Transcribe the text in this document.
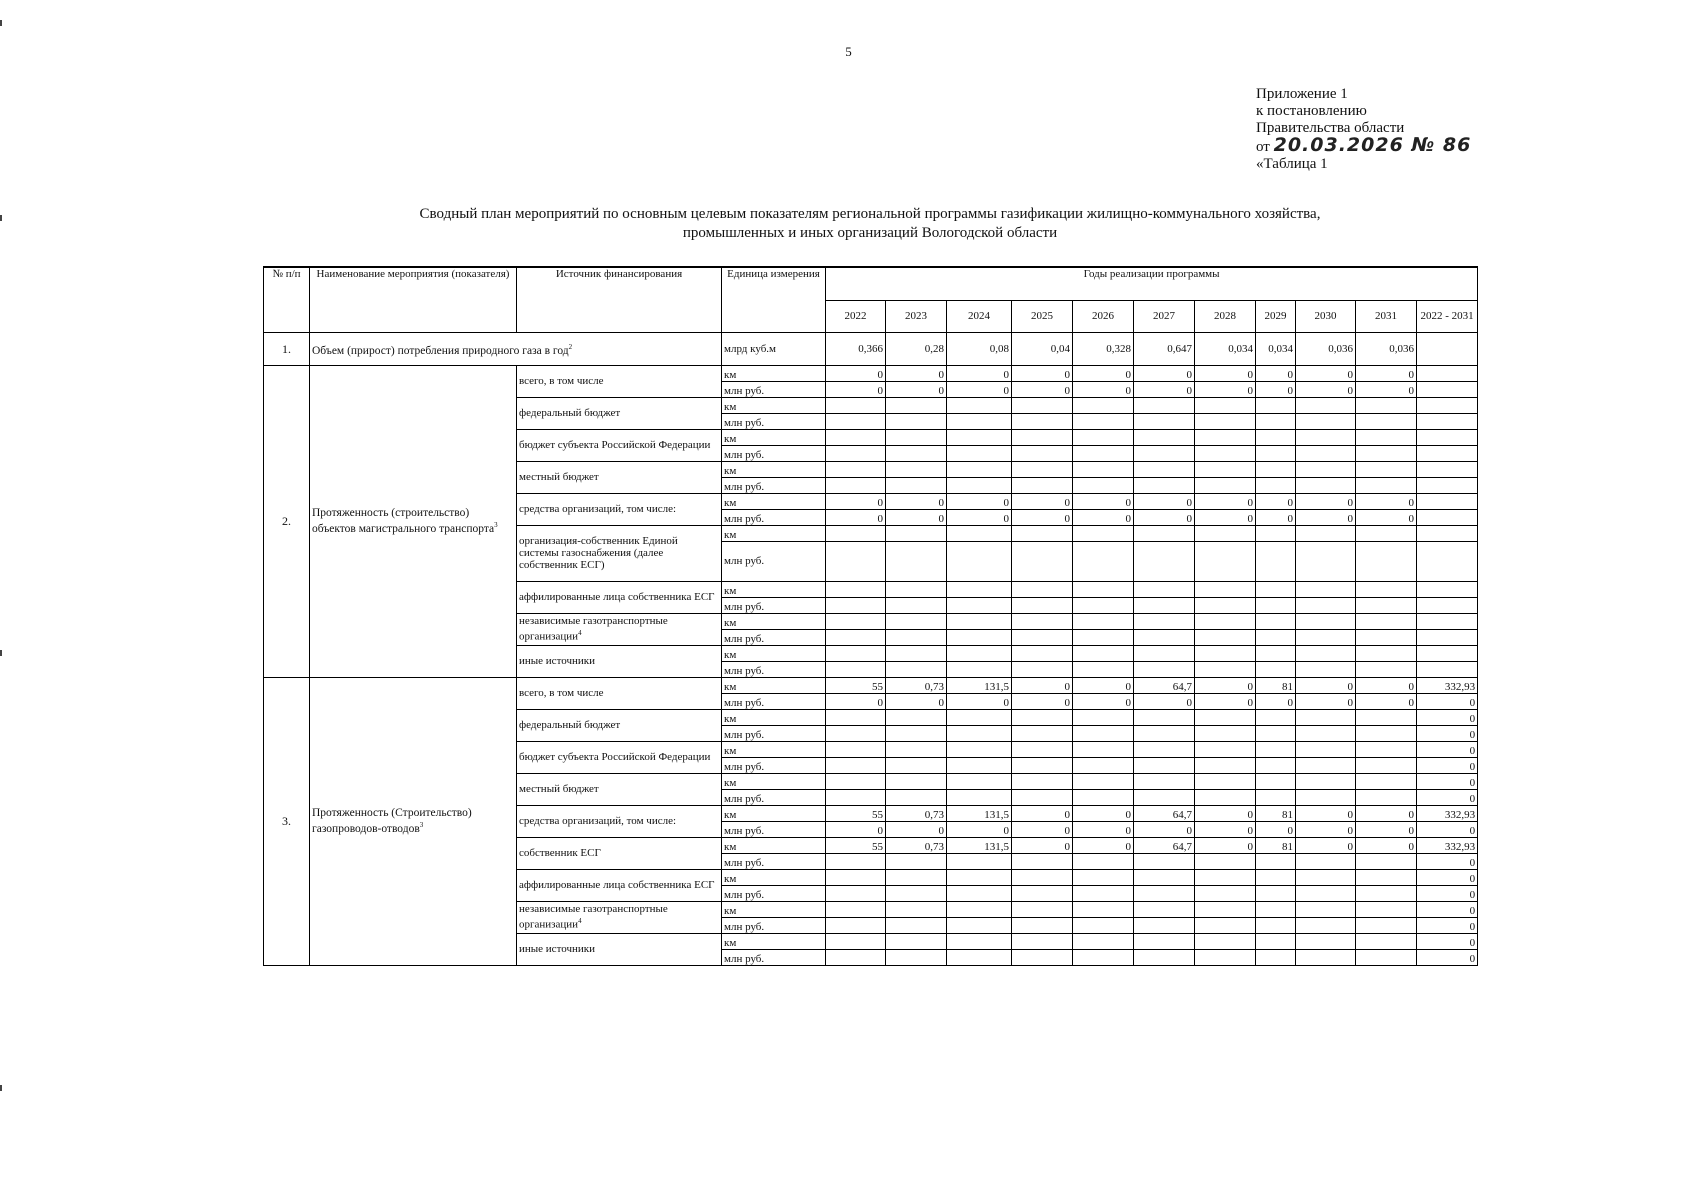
5
Приложение 1
к постановлению
Правительства области
от 20.03.2026 № 86
«Таблица 1
Сводный план мероприятий по основным целевым показателям региональной программы газификации жилищно-коммунального хозяйства,
промышленных и иных организаций Вологодской области
№ п/п	Наименование мероприятия (показателя)	Источник финансирования	Единица измерения	Годы реализации программы										
				2022	2023	2024	2025	2026	2027	2028	2029	2030	2031	2022 - 2031
1.	Объем (прирост) потребления природного газа в год$^2$		млрд куб.м	0,366	0,28	0,08	0,04	0,328	0,647	0,034	0,034	0,036	0,036	
2.	Протяженность (строительство) объектов магистрального транспорта$^3$	всего, в том числе	км	0	0	0	0	0	0	0	0	0	0	
			млн руб.	0	0	0	0	0	0	0	0	0	0	
		федеральный бюджет	км											
			млн руб.											
		бюджет субъекта Российской Федерации	км											
			млн руб.											
		местный бюджет	км											
			млн руб.											
		средства организаций, том числе:	км	0	0	0	0	0	0	0	0	0	0	
			млн руб.	0	0	0	0	0	0	0	0	0	0	
		организация-собственник Единой системы газоснабжения (далее собственник ЕСГ)	км											
			млн руб.											
		аффилированные лица собственника ЕСГ	км											
			млн руб.											
		независимые газотранспортные организации$^4$	км											
			млн руб.											
		иные источники	км											
			млн руб.											
3.	Протяженность (Строительство) газопроводов-отводов$^3$	всего, в том числе	км	55	0,73	131,5	0	0	64,7	0	81	0	0	332,93
			млн руб.	0	0	0	0	0	0	0	0	0	0	0
		федеральный бюджет	км											0
			млн руб.											0
		бюджет субъекта Российской Федерации	км											0
			млн руб.											0
		местный бюджет	км											0
			млн руб.											0
		средства организаций, том числе:	км	55	0,73	131,5	0	0	64,7	0	81	0	0	332,93
			млн руб.	0	0	0	0	0	0	0	0	0	0	0
		собственник ЕСГ	км	55	0,73	131,5	0	0	64,7	0	81	0	0	332,93
			млн руб.											0
		аффилированные лица собственника ЕСГ	км											0
			млн руб.											0
		независимые газотранспортные организации$^4$	км											0
			млн руб.											0
		иные источники	км											0
			млн руб.											0
